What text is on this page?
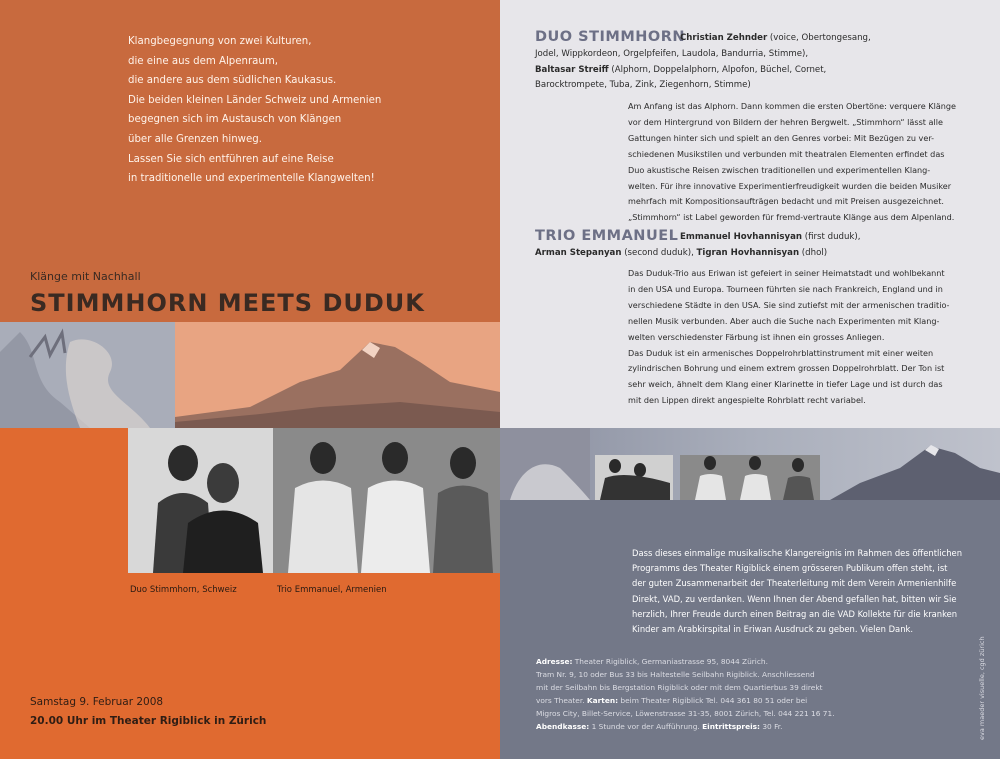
Klangbegegnung von zwei Kulturen,

die eine aus dem Alpenraum,

die andere aus dem südlichen Kaukasus.

Die beiden kleinen Länder Schweiz und Armenien

begegnen sich im Austausch von Klängen

über alle Grenzen hinweg.

Lassen Sie sich entführen auf eine Reise

in traditionelle und experimentelle Klangwelten!

Klänge mit Nachhall
STIMMHORN MEETS DUDUK
Duo Stimmhorn, Schweiz	Trio Emmanuel, Armenien

Samstag 9. Februar 2008

20.00 Uhr im Theater Rigiblick in Zürich

DUO STIMMHORN

Christian Zehnder (voice, Obertongesang,

Jodel, Wippkordeon, Orgelpfeifen, Laudola, Bandurria, Stimme),

Baltasar Streiff (Alphorn, Doppelalphorn, Alpofon, Büchel, Cornet,

Barocktrompete, Tuba, Zink, Ziegenhorn, Stimme)

Am Anfang ist das Alphorn. Dann kommen die ersten Obertöne: verquere Klänge

vor dem Hintergrund von Bildern der hehren Bergwelt. „Stimmhorn“ lässt alle

Gattungen hinter sich und spielt an den Genres vorbei: Mit Bezügen zu ver-

schiedenen Musikstilen und verbunden mit theatralen Elementen erfindet das

Duo akustische Reisen zwischen traditionellen und experimentellen Klang-

welten. Für ihre innovative Experimentierfreudigkeit wurden die beiden Musiker

mehrfach mit Kompositionsaufträgen bedacht und mit Preisen ausgezeichnet.

„Stimmhorn“ ist Label geworden für fremd-vertraute Klänge aus dem Alpenland.

TRIO EMMANUEL Emmanuel Hovhannisyan (first duduk),

Arman Stepanyan (second duduk), Tigran Hovhannisyan (dhol)

Das Duduk-Trio aus Eriwan ist gefeiert in seiner Heimatstadt und wohlbekannt

in den USA und Europa. Tourneen führten sie nach Frankreich, England und in

verschiedene Städte in den USA. Sie sind zutiefst mit der armenischen traditio-

nellen Musik verbunden. Aber auch die Suche nach Experimenten mit Klang-

welten verschiedenster Färbung ist ihnen ein grosses Anliegen.

Das Duduk ist ein armenisches Doppelrohrblattinstrument mit einer weiten

zylindrischen Bohrung und einem extrem grossen Doppelrohrblatt. Der Ton ist

sehr weich, ähnelt dem Klang einer Klarinette in tiefer Lage und ist durch das

mit den Lippen direkt angespielte Rohrblatt recht variabel.

Dass dieses einmalige musikalische Klangereignis im Rahmen des öffentlichen

Programms des Theater Rigiblick einem grösseren Publikum offen steht, ist

der guten Zusammenarbeit der Theaterleitung mit dem Verein Armenienhilfe

Direkt, VAD, zu verdanken. Wenn Ihnen der Abend gefallen hat, bitten wir Sie

herzlich, Ihrer Freude durch einen Beitrag an die VAD Kollekte für die kranken

Kinder am Arabkirspital in Eriwan Ausdruck zu geben. Vielen Dank.

Adresse: Theater Rigiblick, Germaniastrasse 95, 8044 Zürich.

Tram Nr. 9, 10 oder Bus 33 bis Haltestelle Seilbahn Rigiblick. Anschliessend

mit der Seilbahn bis Bergstation Rigiblick oder mit dem Quartierbus 39 direkt

vors Theater. Karten: beim Theater Rigiblick Tel. 044 361 80 51 oder bei

Migros City, Billet-Service, Löwenstrasse 31-35, 8001 Zürich, Tel. 044 221 16 71.

Abendkasse: 1 Stunde vor der Aufführung. Eintrittspreis: 30 Fr.	eva maeder visuelle, cgd zürich
